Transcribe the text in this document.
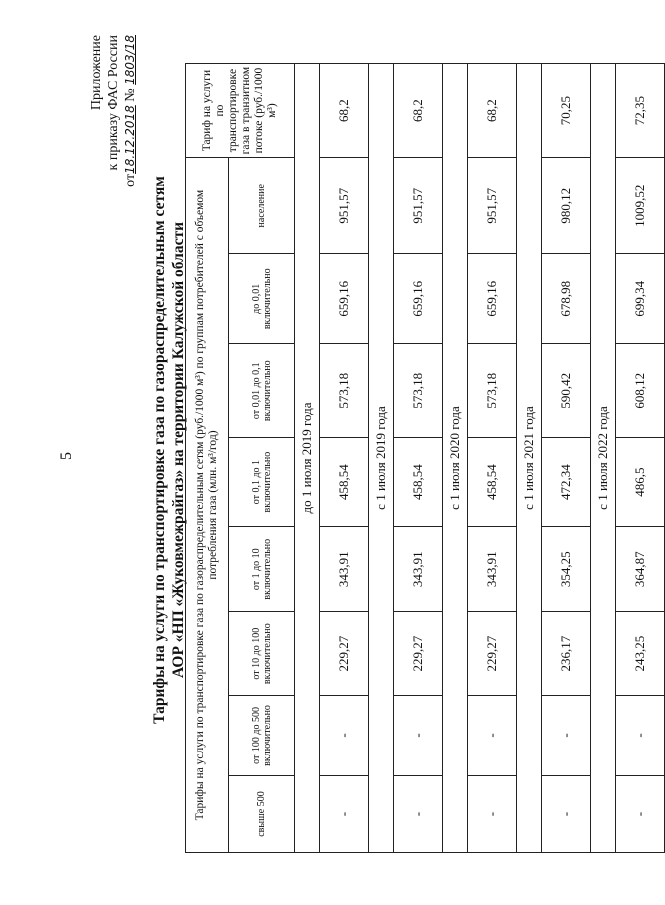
5
Приложение к приказу ФАС России
от18.12.2018 № 1803/18
Тарифы на услуги по транспортировке газа по газораспределительным сетям АОР «НП «Жуковмежрайгаз» на территории Калужской области Тарифы на услуги по транспортировке газа по газораспределительным сетям (руб./1000 м³) по группам потребителей с объемом потребления газа (млн. м³/год)								Тариф на услуги по транспортировке газа в транзитном потоке (руб./1000 м³)
свыше 500	от 100 до 500 включительно	от 10 до 100 включительно	от 1 до 10 включительно	от 0,1 до 1 включительно	от 0,01 до 0,1 включительно	до 0,01 включительно	население	
до 1 июля 2019 года								
-	-	229,27	343,91	458,54	573,18	659,16	951,57	68,2
с 1 июля 2019 года								
-	-	229,27	343,91	458,54	573,18	659,16	951,57	68,2
с 1 июля 2020 года								
-	-	229,27	343,91	458,54	573,18	659,16	951,57	68,2
с 1 июля 2021 года								
-	-	236,17	354,25	472,34	590,42	678,98	980,12	70,25
с 1 июля 2022 года								
-	-	243,25	364,87	486,5	608,12	699,34	1009,52	72,35
